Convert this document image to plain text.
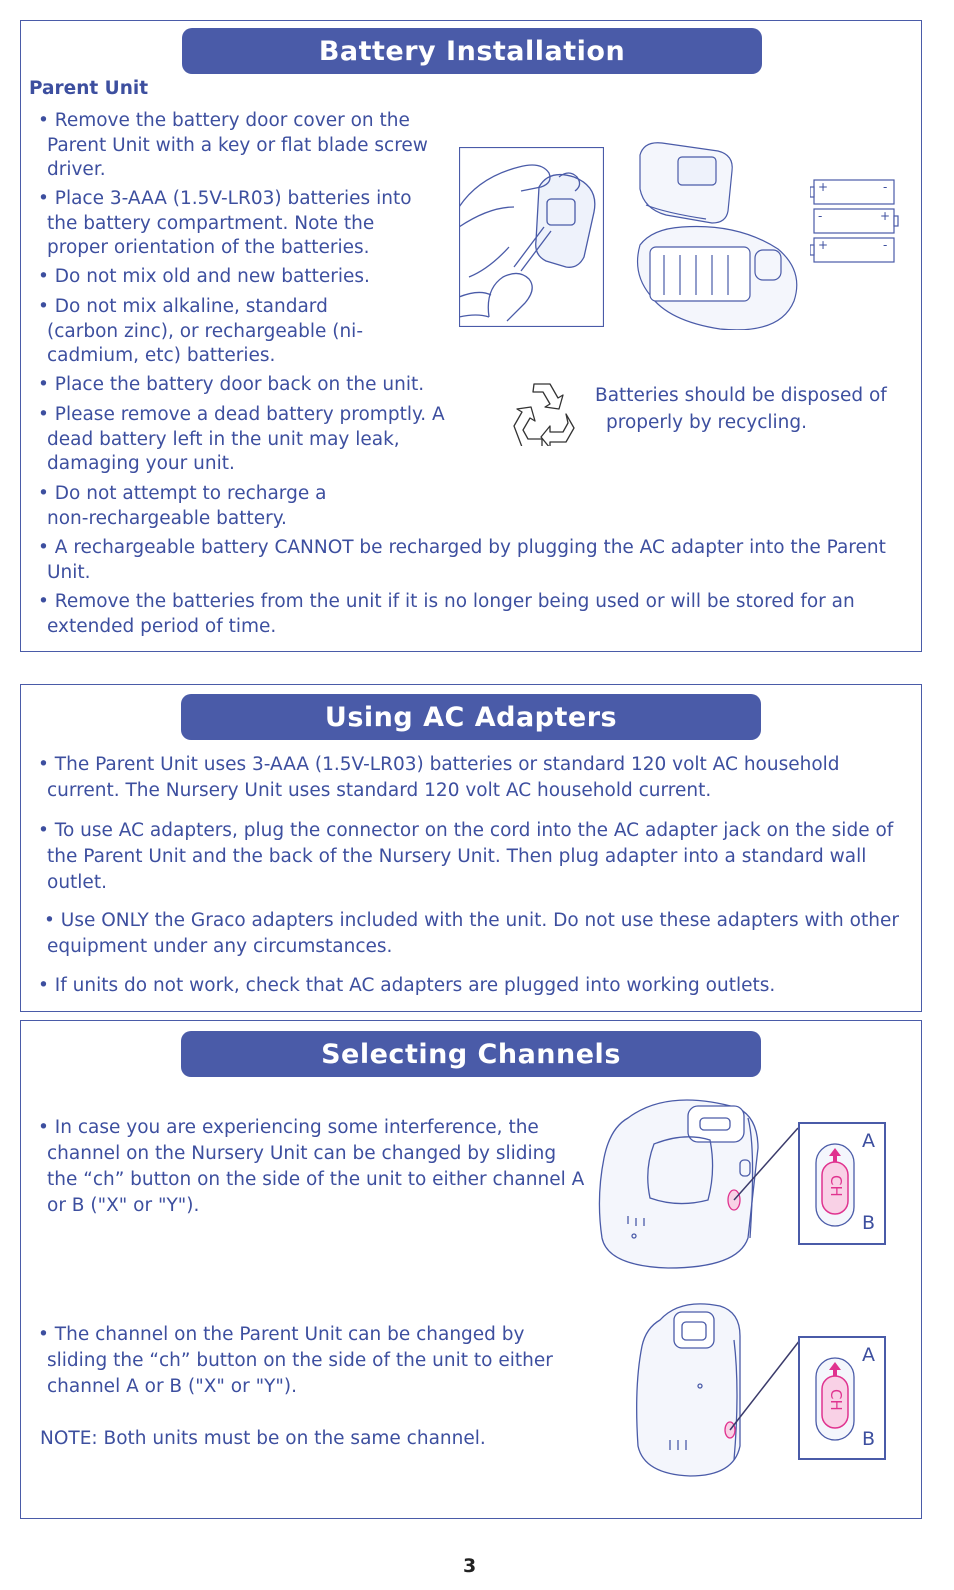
Battery Installation
Parent Unit
• Remove the battery door cover on the Parent Unit with a key or flat blade screw driver.
• Place 3-AAA (1.5V-LR03) batteries into the battery compartment. Note the proper orientation of the batteries.
• Do not mix old and new batteries.
• Do not mix alkaline, standard (carbon zinc), or rechargeable (ni-cadmium, etc) batteries.
• Place the battery door back on the unit.
• Please remove a dead battery promptly. A dead battery left in the unit may leak, damaging your unit.
• Do not attempt to recharge a non-rechargeable battery.
• A rechargeable battery CANNOT be recharged by plugging the AC adapter into the Parent Unit.
• Remove the batteries from the unit if it is no longer being used or will be stored for an extended period of time.
+	-
-	+
+	-
Batteries should be disposed of properly by recycling.
Using AC Adapters
• The Parent Unit uses 3-AAA (1.5V-LR03) batteries or standard 120 volt AC household current. The Nursery Unit uses standard 120 volt AC household current.
• To use AC adapters, plug the connector on the cord into the AC adapter jack on the side of the Parent Unit and the back of the Nursery Unit. Then plug adapter into a standard wall outlet.
• Use ONLY the Graco adapters included with the unit. Do not use these adapters with other equipment under any circumstances.
• If units do not work, check that AC adapters are plugged into working outlets.
Selecting Channels
• In case you are experiencing some interference, the channel on the Nursery Unit can be changed by sliding the “ch” button on the side of the unit to either channel A or B ("X" or "Y").
• The channel on the Parent Unit can be changed by sliding the “ch” button on the side of the unit to either channel A or B ("X" or "Y").
NOTE: Both units must be on the same channel.
CH
A
B
CH
A
B
3
